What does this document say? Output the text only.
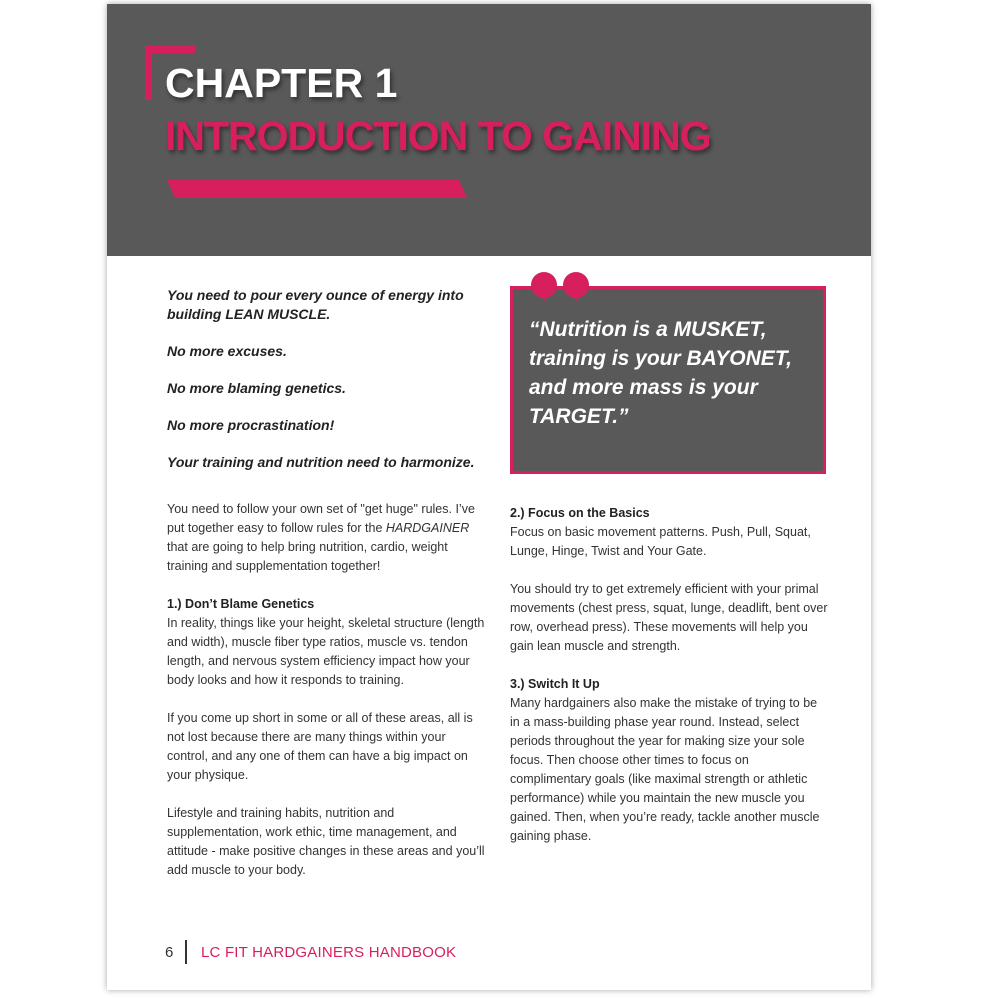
CHAPTER 1
INTRODUCTION TO GAINING

You need to pour every ounce of energy into building LEAN MUSCLE.

No more excuses.

No more blaming genetics.

No more procrastination!

Your training and nutrition need to harmonize.

“Nutrition is a MUSKET, training is your BAYONET, and more mass is your TARGET.”
You need to follow your own set of "get huge" rules. I’ve put together easy to follow rules for the HARDGAINER that are going to help bring nutrition, cardio, weight training and supplementation together!
1.) Don’t Blame Genetics
In reality, things like your height, skeletal structure (length and width), muscle fiber type ratios, muscle vs. tendon length, and nervous system efficiency impact how your body looks and how it responds to training.
If you come up short in some or all of these areas, all is not lost because there are many things within your control, and any one of them can have a big impact on your physique.
Lifestyle and training habits, nutrition and supplementation, work ethic, time management, and attitude - make positive changes in these areas and you’ll add muscle to your body.
2.) Focus on the Basics
Focus on basic movement patterns. Push, Pull, Squat, Lunge, Hinge, Twist and Your Gate.
You should try to get extremely efficient with your primal movements (chest press, squat, lunge, deadlift, bent over row, overhead press). These movements will help you gain lean muscle and strength.
3.) Switch It Up
Many hardgainers also make the mistake of trying to be in a mass-building phase year round. Instead, select periods throughout the year for making size your sole focus. Then choose other times to focus on complimentary goals (like maximal strength or athletic performance) while you maintain the new muscle you gained. Then, when you’re ready, tackle another muscle gaining phase.
6	LC FIT HARDGAINERS HANDBOOK
